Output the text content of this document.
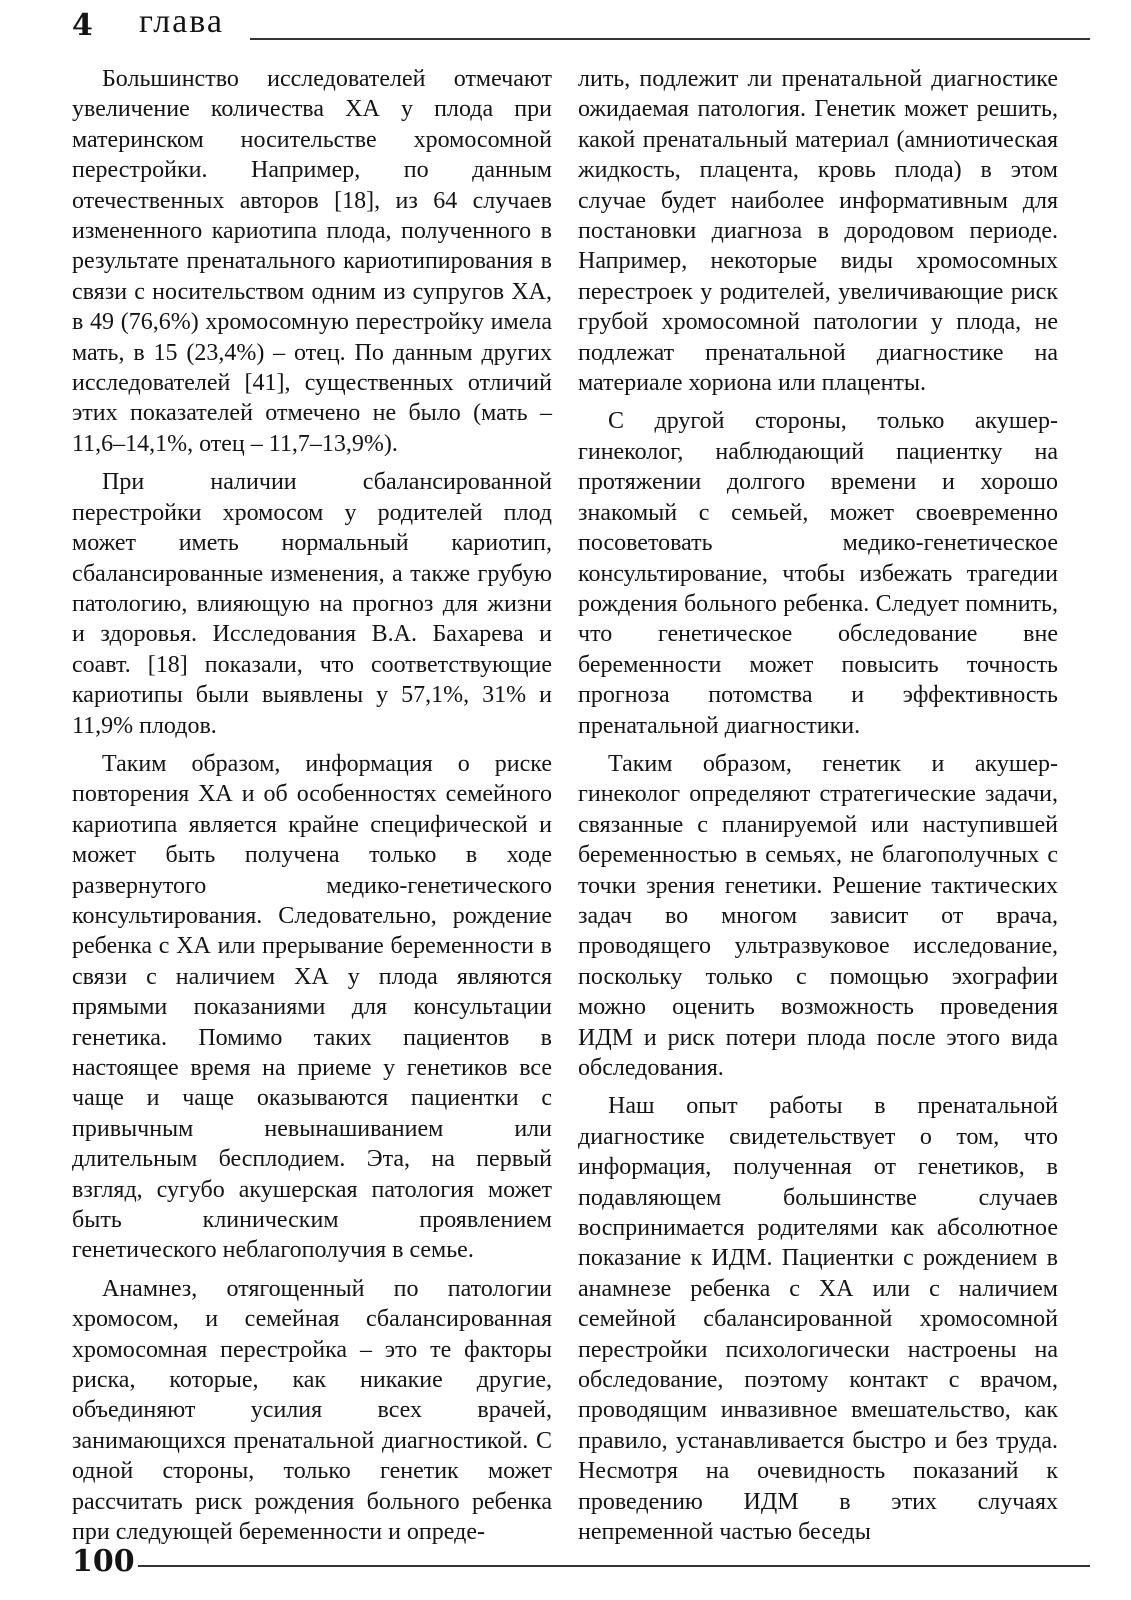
4 глава

Большинство исследователей отмечают увеличение количества ХА у плода при материнском носительстве хромосомной перестройки. Например, по данным отечественных авторов [18], из 64 случаев измененного кариотипа плода, полученного в результате пренатального кариотипирования в связи с носительством одним из супругов ХА, в 49 (76,6%) хромосомную перестройку имела мать, в 15 (23,4%) – отец. По данным других исследователей [41], существенных отличий этих показателей отмечено не было (мать – 11,6–14,1%, отец – 11,7–13,9%).

При наличии сбалансированной перестройки хромосом у родителей плод может иметь нормальный кариотип, сбалансированные изменения, а также грубую патологию, влияющую на прогноз для жизни и здоровья. Исследования В.А. Бахарева и соавт. [18] показали, что соответствующие кариотипы были выявлены у 57,1%, 31% и 11,9% плодов.

Таким образом, информация о риске повторения ХА и об особенностях семейного кариотипа является крайне специфической и может быть получена только в ходе развернутого медико-генетического консультирования. Следовательно, рождение ребенка с ХА или прерывание беременности в связи с наличием ХА у плода являются прямыми показаниями для консультации генетика. Помимо таких пациентов в настоящее время на приеме у генетиков все чаще и чаще оказываются пациентки с привычным невынашиванием или длительным бесплодием. Эта, на первый взгляд, сугубо акушерская патология может быть клиническим проявлением генетического неблагополучия в семье.

Анамнез, отягощенный по патологии хромосом, и семейная сбалансированная хромосомная перестройка – это те факторы риска, которые, как никакие другие, объединяют усилия всех врачей, занимающихся пренатальной диагностикой. С одной стороны, только генетик может рассчитать риск рождения больного ребенка при следующей беременности и опреде-

лить, подлежит ли пренатальной диагностике ожидаемая патология. Генетик может решить, какой пренатальный материал (амниотическая жидкость, плацента, кровь плода) в этом случае будет наиболее информативным для постановки диагноза в дородовом периоде. Например, некоторые виды хромосомных перестроек у родителей, увеличивающие риск грубой хромосомной патологии у плода, не подлежат пренатальной диагностике на материале хориона или плаценты.

С другой стороны, только акушер-гинеколог, наблюдающий пациентку на протяжении долгого времени и хорошо знакомый с семьей, может своевременно посоветовать медико-генетическое консультирование, чтобы избежать трагедии рождения больного ребенка. Следует помнить, что генетическое обследование вне беременности может повысить точность прогноза потомства и эффективность пренатальной диагностики.

Таким образом, генетик и акушер-гинеколог определяют стратегические задачи, связанные с планируемой или наступившей беременностью в семьях, не благополучных с точки зрения генетики. Решение тактических задач во многом зависит от врача, проводящего ультразвуковое исследование, поскольку только с помощью эхографии можно оценить возможность проведения ИДМ и риск потери плода после этого вида обследования.

Наш опыт работы в пренатальной диагностике свидетельствует о том, что информация, полученная от генетиков, в подавляющем большинстве случаев воспринимается родителями как абсолютное показание к ИДМ. Пациентки с рождением в анамнезе ребенка с ХА или с наличием семейной сбалансированной хромосомной перестройки психологически настроены на обследование, поэтому контакт с врачом, проводящим инвазивное вмешательство, как правило, устанавливается быстро и без труда. Несмотря на очевидность показаний к проведению ИДМ в этих случаях непременной частью беседы

100
